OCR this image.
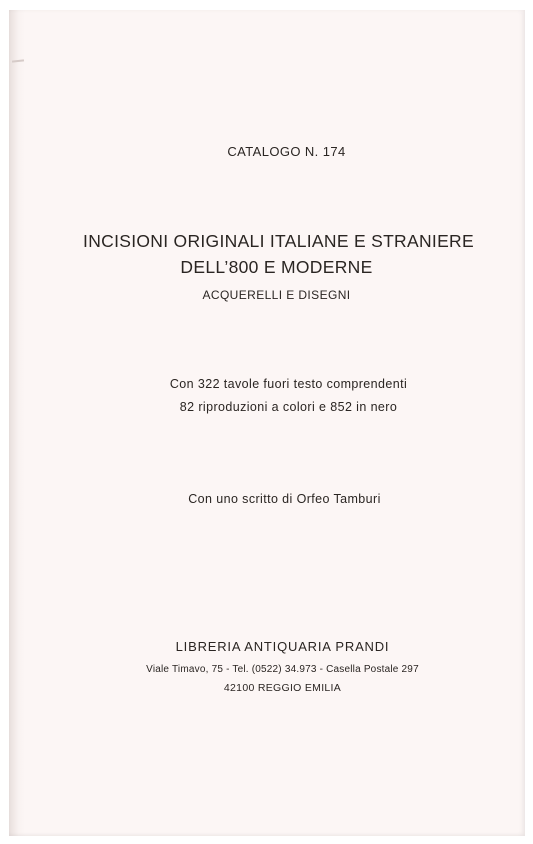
CATALOGO N. 174
INCISIONI ORIGINALI ITALIANE E STRANIERE
DELL’800 E MODERNE
ACQUERELLI E DISEGNI
Con 322 tavole fuori testo comprendenti
82 riproduzioni a colori e 852 in nero
Con uno scritto di Orfeo Tamburi
LIBRERIA ANTIQUARIA PRANDI
Viale Timavo, 75 - Tel. (0522) 34.973 - Casella Postale 297
42100 REGGIO EMILIA
